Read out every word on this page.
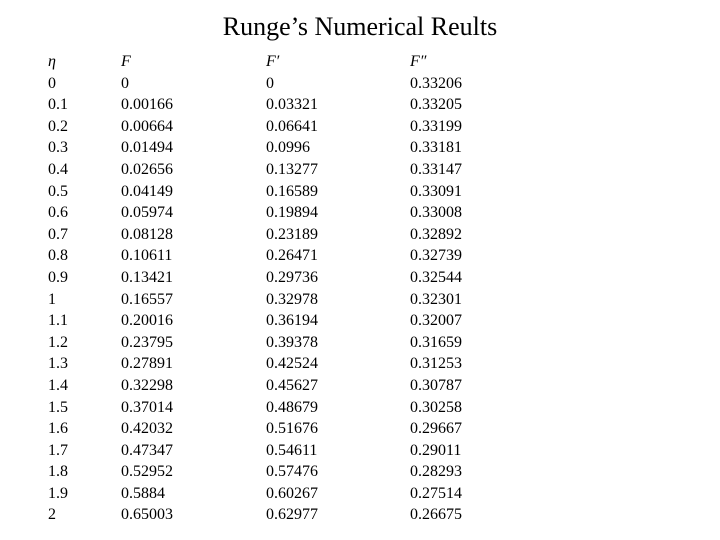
Runge’s Numerical Reults
η
0
0.1
0.2
0.3
0.4
0.5
0.6
0.7
0.8
0.9
1
1.1
1.2
1.3
1.4
1.5
1.6
1.7
1.8
1.9
2
F
0
0.00166
0.00664
0.01494
0.02656
0.04149
0.05974
0.08128
0.10611
0.13421
0.16557
0.20016
0.23795
0.27891
0.32298
0.37014
0.42032
0.47347
0.52952
0.5884
0.65003
F′
0
0.03321
0.06641
0.0996
0.13277
0.16589
0.19894
0.23189
0.26471
0.29736
0.32978
0.36194
0.39378
0.42524
0.45627
0.48679
0.51676
0.54611
0.57476
0.60267
0.62977
F″
0.33206
0.33205
0.33199
0.33181
0.33147
0.33091
0.33008
0.32892
0.32739
0.32544
0.32301
0.32007
0.31659
0.31253
0.30787
0.30258
0.29667
0.29011
0.28293
0.27514
0.26675
